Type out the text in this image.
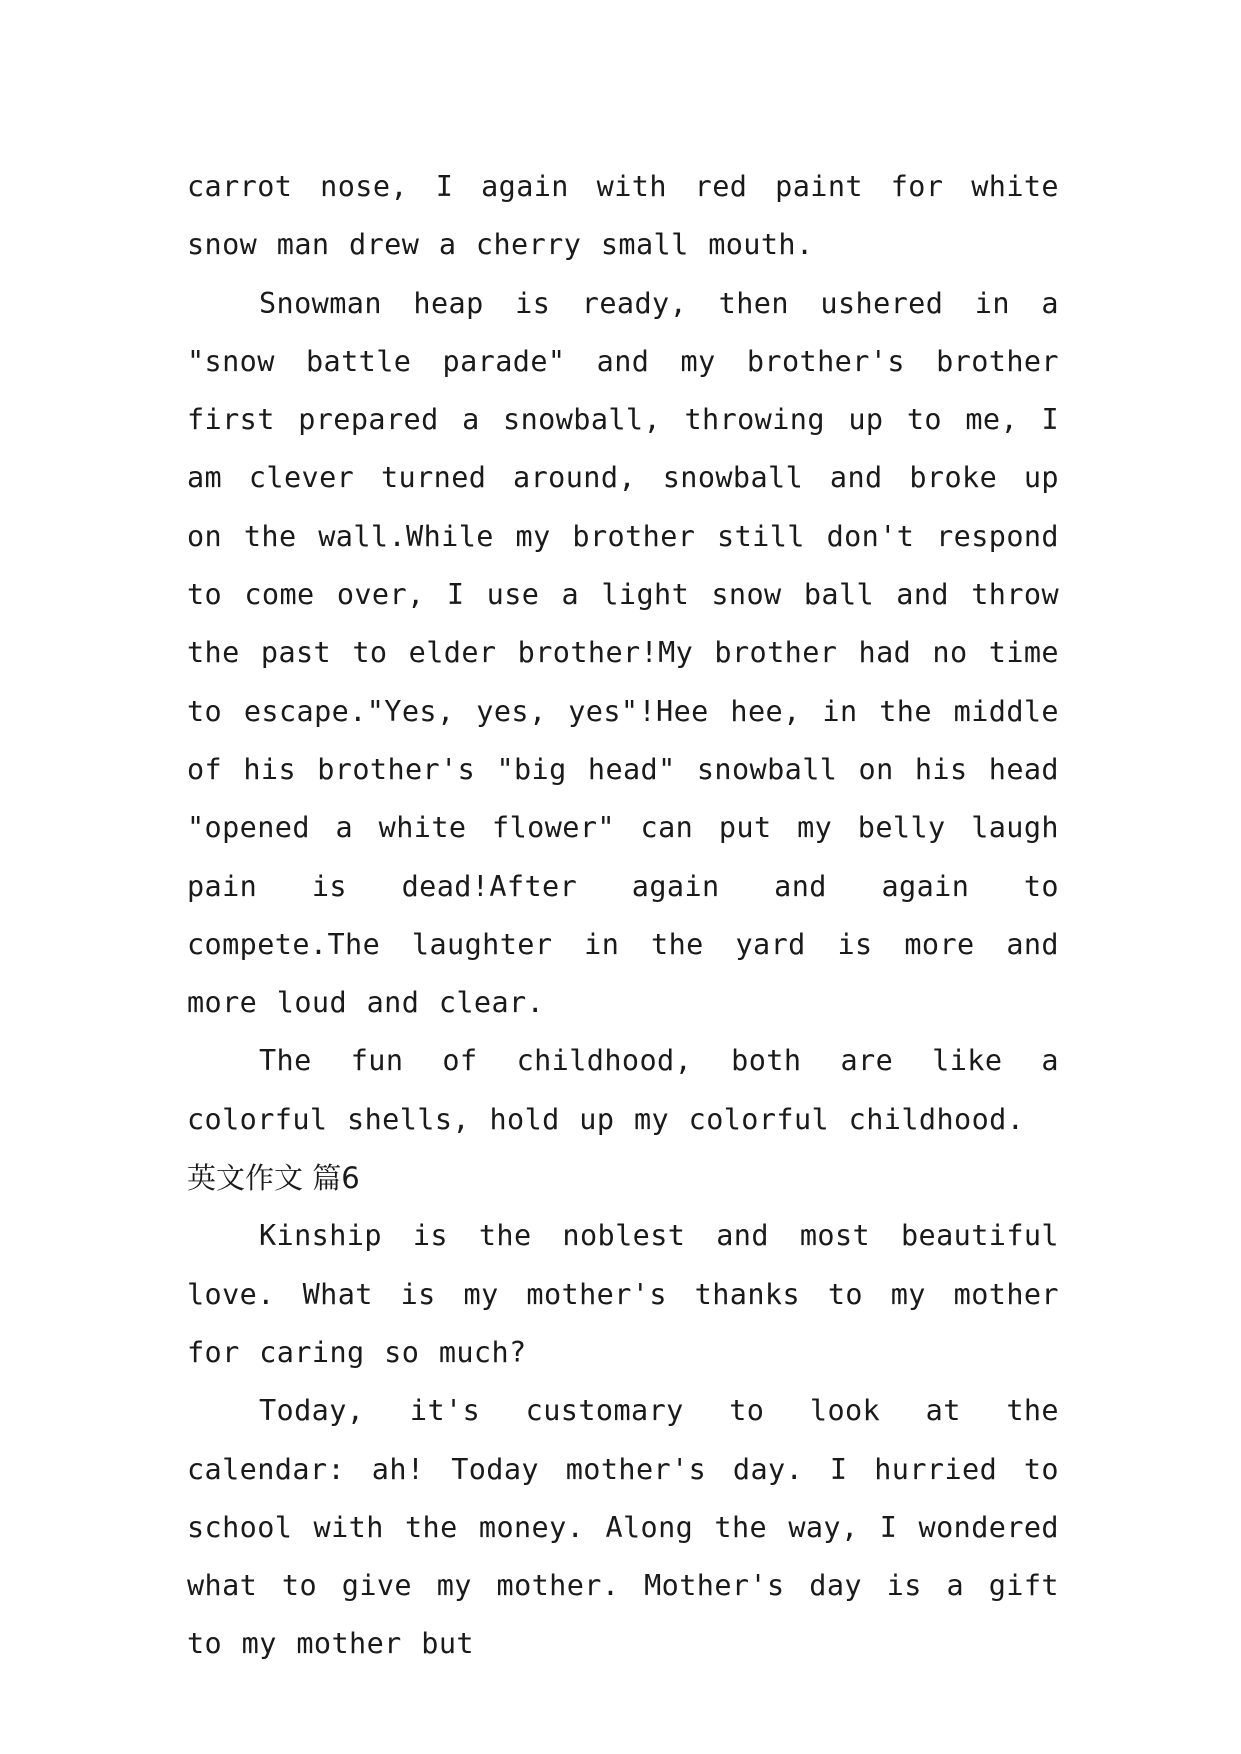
carrot nose, I again with red paint for white snow man drew a cherry small mouth.

Snowman heap is ready, then ushered in a "snow battle parade" and my brother's brother first prepared a snowball, throwing up to me, I am clever turned around, snowball and broke up on the wall.While my brother still don't respond to come over, I use a light snow ball and throw the past to elder brother!My brother had no time to escape."Yes, yes, yes"!Hee hee, in the middle of his brother's "big head" snowball on his head "opened a white flower" can put my belly laugh pain is dead!After again and again to compete.The laughter in the yard is more and more loud and clear.

The fun of childhood, both are like a colorful shells, hold up my colorful childhood.

英文作文 篇6

Kinship is the noblest and most beautiful love. What is my mother's thanks to my mother for caring so much?

Today, it's customary to look at the calendar: ah! Today mother's day. I hurried to school with the money. Along the way, I wondered what to give my mother. Mother's day is a gift to my mother but
